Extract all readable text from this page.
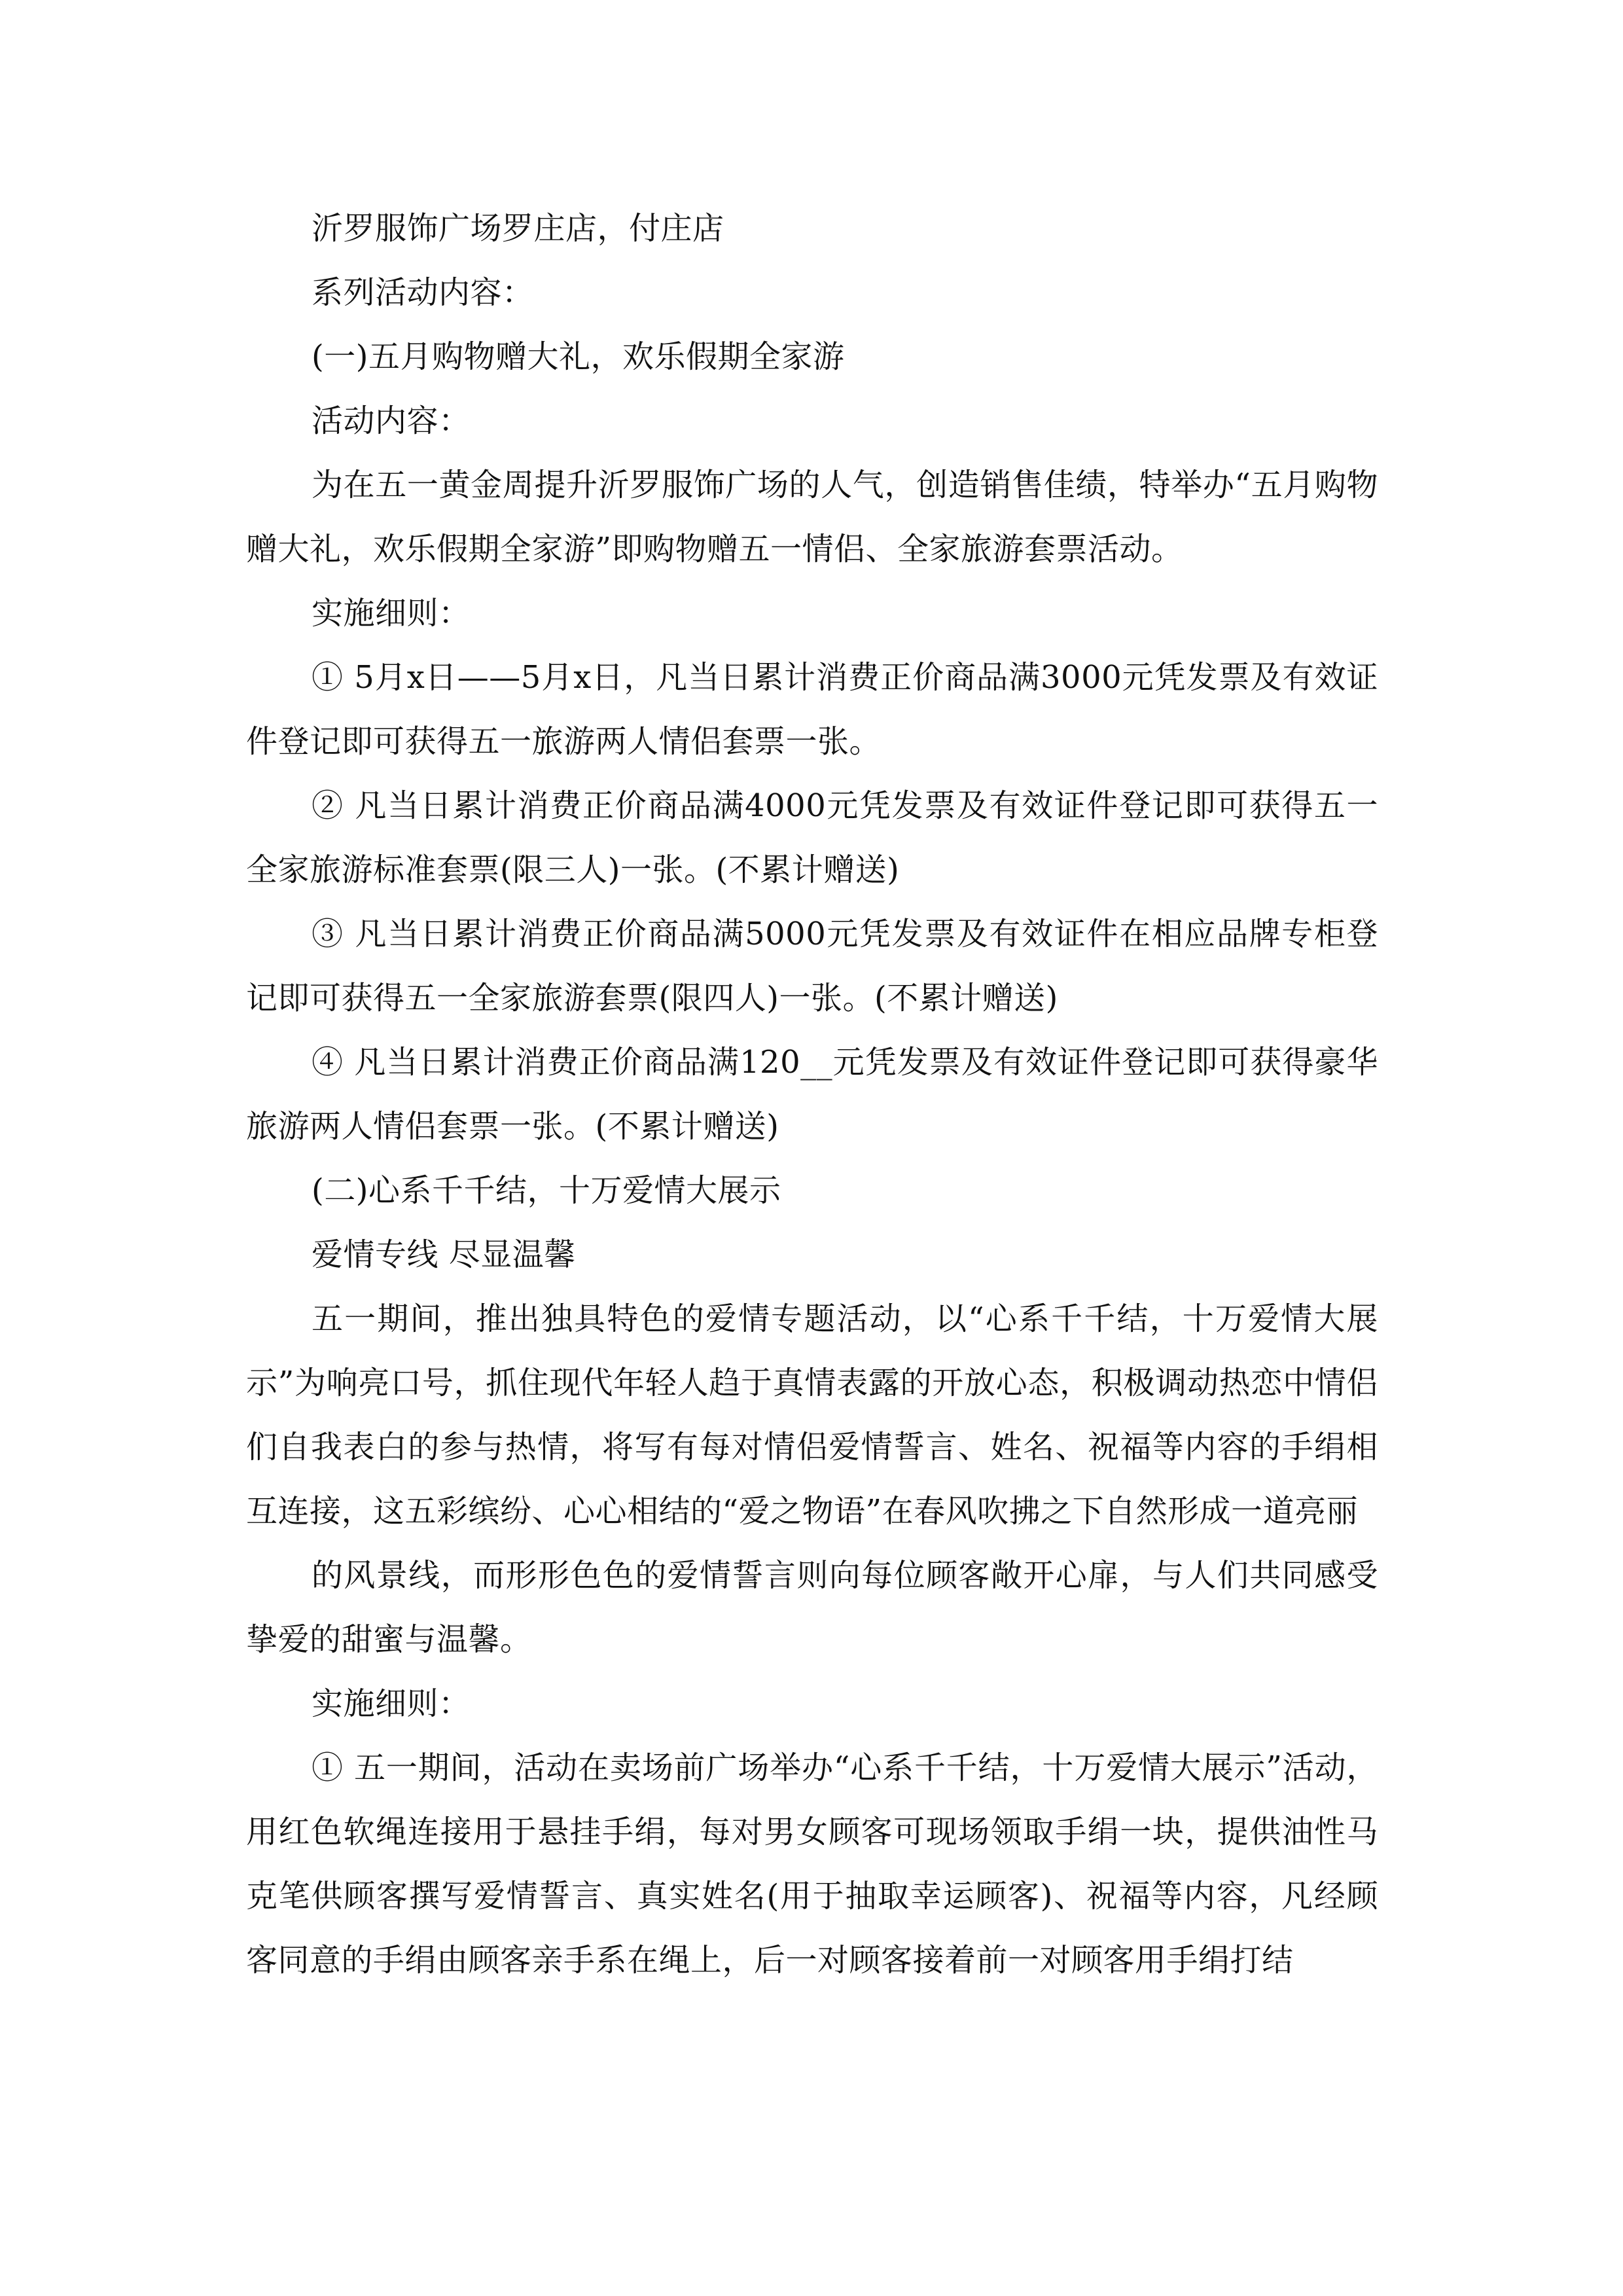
沂罗服饰广场罗庄店，付庄店

系列活动内容：

(一)五月购物赠大礼，欢乐假期全家游

活动内容：

为在五一黄金周提升沂罗服饰广场的人气，创造销售佳绩，特举办“五月购物赠大礼，欢乐假期全家游”即购物赠五一情侣、全家旅游套票活动。

实施细则：

① 5月x日——5月x日，凡当日累计消费正价商品满3000元凭发票及有效证件登记即可获得五一旅游两人情侣套票一张。

② 凡当日累计消费正价商品满4000元凭发票及有效证件登记即可获得五一全家旅游标准套票(限三人)一张。(不累计赠送)

③ 凡当日累计消费正价商品满5000元凭发票及有效证件在相应品牌专柜登记即可获得五一全家旅游套票(限四人)一张。(不累计赠送)

④ 凡当日累计消费正价商品满120__元凭发票及有效证件登记即可获得豪华旅游两人情侣套票一张。(不累计赠送)

(二)心系千千结，十万爱情大展示

爱情专线 尽显温馨

五一期间，推出独具特色的爱情专题活动，以“心系千千结，十万爱情大展示”为响亮口号，抓住现代年轻人趋于真情表露的开放心态，积极调动热恋中情侣们自我表白的参与热情，将写有每对情侣爱情誓言、姓名、祝福等内容的手绢相互连接，这五彩缤纷、心心相结的“爱之物语”在春风吹拂之下自然形成一道亮丽

的风景线，而形形色色的爱情誓言则向每位顾客敞开心扉，与人们共同感受挚爱的甜蜜与温馨。

实施细则：

① 五一期间，活动在卖场前广场举办“心系千千结，十万爱情大展示”活动，用红色软绳连接用于悬挂手绢，每对男女顾客可现场领取手绢一块，提供油性马克笔供顾客撰写爱情誓言、真实姓名(用于抽取幸运顾客)、祝福等内容，凡经顾客同意的手绢由顾客亲手系在绳上，后一对顾客接着前一对顾客用手绢打结
